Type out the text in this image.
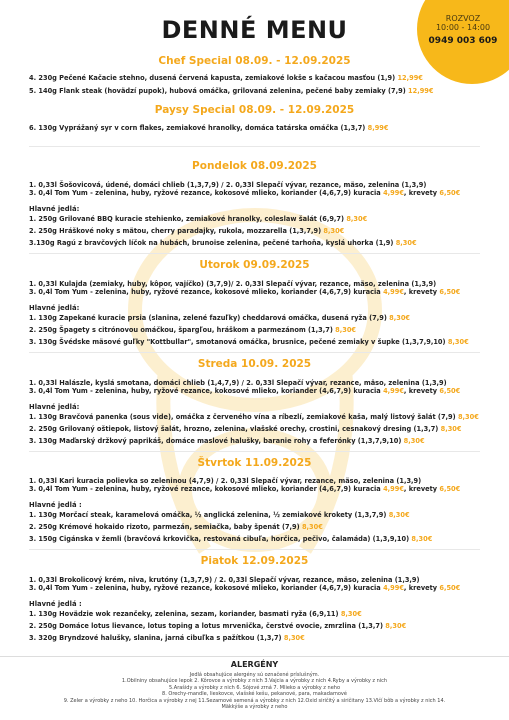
ROZVOZ
10:00 - 14:00
0949 003 609
DENNÉ MENU
Chef Special 08.09. - 12.09.2025
4. 230g Pečené Kačacie stehno, dusená červená kapusta, zemiakové lokše s kačacou masťou (1,9) 12,99€
5. 140g Flank steak (hovädzí pupok), hubová omáčka, grilovaná zelenina, pečené baby zemiaky (7,9) 12,99€
Paysy Special 08.09. - 12.09.2025
6. 130g Vyprážaný syr v corn flakes, zemiakové hranolky, domáca tatárska omáčka (1,3,7) 8,99€
Pondelok 08.09.2025
1. 0,33l Šošovicová, údené, domáci chlieb (1,3,7,9) / 2. 0,33l Slepačí vývar, rezance, mäso, zelenina (1,3,9)
3. 0,4l Tom Yum - zelenina, huby, ryžové rezance, kokosové mlieko, koriander (4,6,7,9) kuracia 4,99€, krevety 6,50€
Hlavné jedlá:
1. 250g Grilované BBQ kuracie stehienko, zemiakové hranolky, coleslaw šalát (6,9,7) 8,30€
2. 250g Hráškové noky s mätou, cherry paradajky, rukola, mozzarella (1,3,7,9) 8,30€
3.130g Ragú z bravčových líčok na hubách, brunoise zelenina, pečené tarhoňa, kyslá uhorka (1,9) 8,30€
Utorok 09.09.2025
1. 0,33l Kulajda (zemiaky, huby, kôpor, vajíčko) (3,7,9)/ 2. 0,33l Slepačí vývar, rezance, mäso, zelenina (1,3,9)
3. 0,4l Tom Yum - zelenina, huby, ryžové rezance, kokosové mlieko, koriander (4,6,7,9) kuracia 4,99€, krevety 6,50€
Hlavné jedlá:
1. 130g Zapekané kuracie prsia (slanina, zelené fazuľky) cheddarová omáčka, dusená ryža (7,9) 8,30€
2. 250g Špagety s citrónovou omáčkou, špargľou, hráškom a parmezánom (1,3,7) 8,30€
3. 130g Švédske mäsové guľky "Kottbullar", smotanová omáčka, brusnice, pečené zemiaky v šupke (1,3,7,9,10) 8,30€
Streda 10.09. 2025
1. 0,33l Halászle, kyslá smotana, domáci chlieb (1,4,7,9) / 2. 0,33l Slepačí vývar, rezance, mäso, zelenina (1,3,9)
3. 0,4l Tom Yum - zelenina, huby, ryžové rezance, kokosové mlieko, koriander (4,6,7,9) kuracia 4,99€, krevety 6,50€
Hlavné jedlá:
1. 130g Bravčová panenka (sous vide), omáčka z červeného vína a ríbezlí, zemiakové kaša, malý listový šalát (7,9) 8,30€
2. 250g Grilovaný oštiepok, listový šalát, hrozno, zelenina, vlašské orechy, crostini, cesnakový dresing (1,3,7) 8,30€
3. 130g Maďarský držkový paprikáš, domáce maslové halušky, baranie rohy a feferónky (1,3,7,9,10) 8,30€
Štvrtok 11.09.2025
1. 0,33l Kari kuracia polievka so zeleninou (4,7,9) / 2. 0,33l Slepačí vývar, rezance, mäso, zelenina (1,3,9)
3. 0,4l Tom Yum - zelenina, huby, ryžové rezance, kokosové mlieko, koriander (4,6,7,9) kuracia 4,99€, krevety 6,50€
Hlavné jedlá :
1. 130g Morčací steak, karamelová omáčka, ½ anglická zelenina, ½ zemiakové krokety (1,3,7,9) 8,30€
2. 250g Krémové hokaido rizoto, parmezán, semiačka, baby špenát (7,9) 8,30€
3. 150g Cigánska v žemli (bravčová krkovička, restovaná cibuľa, horčica, pečivo, čalamáda) (1,3,9,10) 8,30€
Piatok 12.09.2025
1. 0,33l Brokolicový krém, niva, krutóny (1,3,7,9) / 2. 0,33l Slepačí vývar, rezance, mäso, zelenina (1,3,9)
3. 0,4l Tom Yum - zelenina, huby, ryžové rezance, kokosové mlieko, koriander (4,6,7,9) kuracia 4,99€, krevety 6,50€
Hlavné jedlá :
1. 130g Hovädzie wok rezančeky, zelenina, sezam, koriander, basmati ryža (6,9,11) 8,30€
2. 250g Domáce lotus lievance, lotus toping a lotus mrvenička, čerstvé ovocie, zmrzlina (1,3,7) 8,30€
3. 320g Bryndzové halušky, slanina, jarná cibuľka s pažítkou (1,3,7) 8,30€
ALERGÉNY
Jedlá obsahujúce alergény sú označené príslušným.
1.Obilniny obsahujúce lepok 2. Kôrovce a výrobky z nich 3.Vajcia a výrobky z nich 4.Ryby a výrobky z nich
5.Arašidy a výrobky z nich 6. Sójové zrná 7. Mlieko a výrobky z neho
8. Orechy-mandle, lieskovce, vlašské kešu, pekanové, para, makadamové
9. Zeler a výrobky z neho 10. Horčica a výrobky z nej 11.Sezamové semená a výrobky z nich 12.Oxid siričitý a siričitany 13.Vlčí bôb a výrobky z nich 14. Mäkkýše a výrobky z neho
